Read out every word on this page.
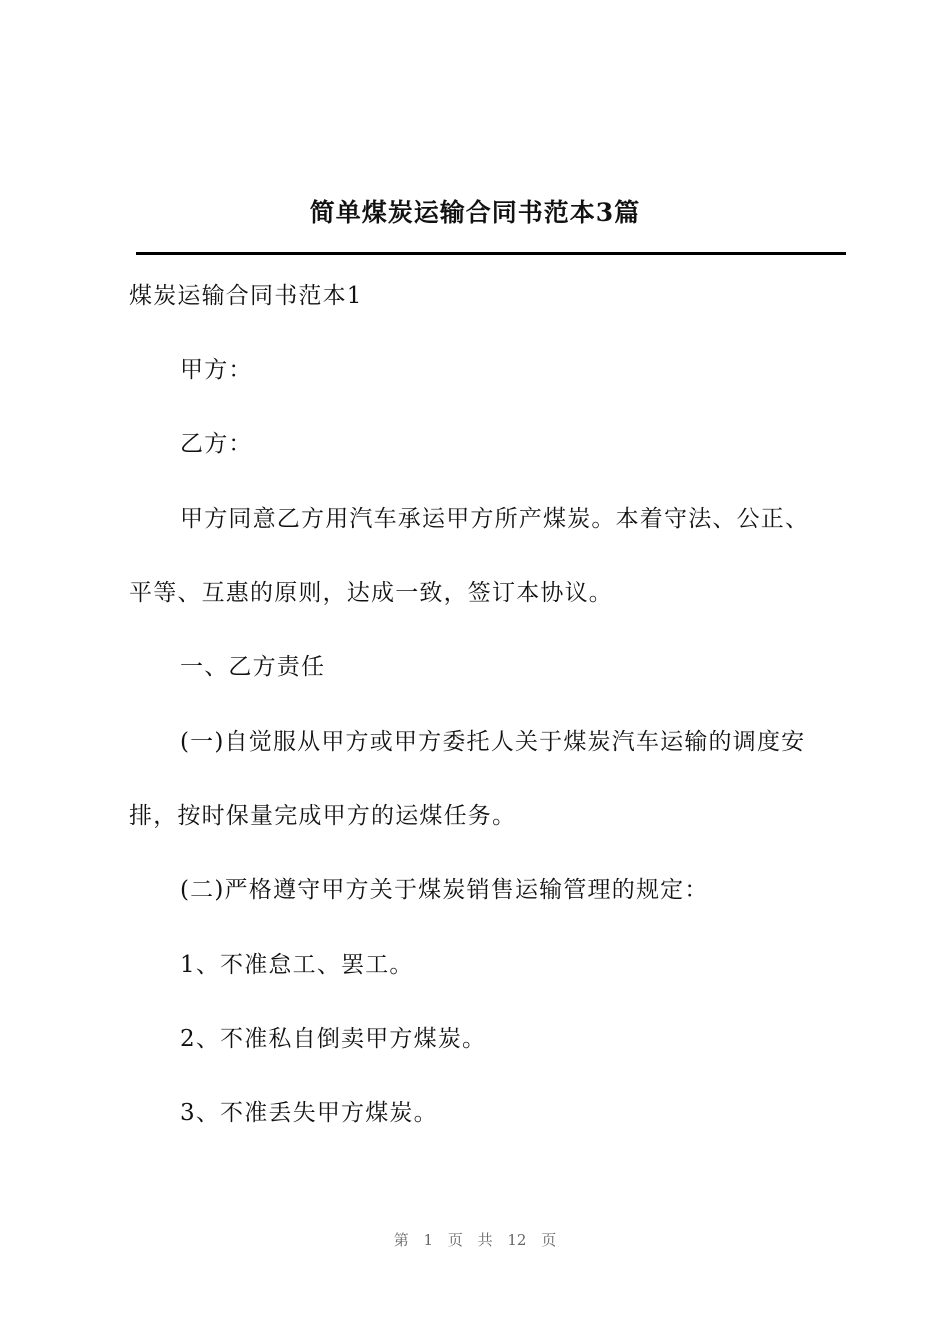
简单煤炭运输合同书范本3篇
煤炭运输合同书范本1
甲方：
乙方：
甲方同意乙方用汽车承运甲方所产煤炭。本着守法、公正、
平等、互惠的原则，达成一致，签订本协议。
一、乙方责任
(一)自觉服从甲方或甲方委托人关于煤炭汽车运输的调度安
排，按时保量完成甲方的运煤任务。
(二)严格遵守甲方关于煤炭销售运输管理的规定：
1、不准怠工、罢工。
2、不准私自倒卖甲方煤炭。
3、不准丢失甲方煤炭。
第 1 页 共 12 页
